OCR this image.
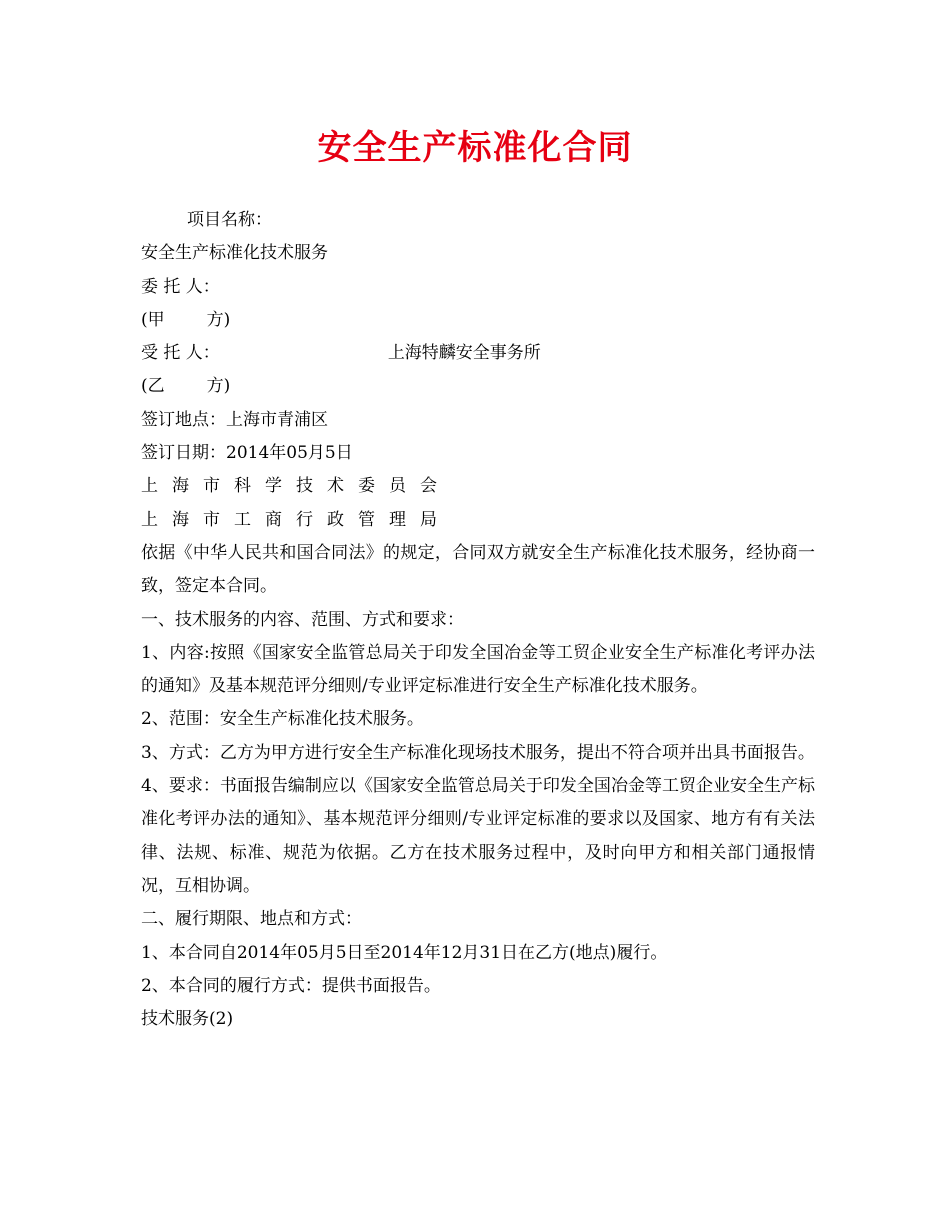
安全生产标准化合同
项目名称：
安全生产标准化技术服务
委 托 人：
(甲 方)
受 托 人：	上海特麟安全事务所
(乙 方)
签订地点：上海市青浦区
签订日期：2014年05月5日
上海市科学技术委员会
上海市工商行政管理局
依据《中华人民共和国合同法》的规定，合同双方就安全生产标准化技术服务，经协商一致，签定本合同。
一、技术服务的内容、范围、方式和要求：
1、内容:按照《国家安全监管总局关于印发全国冶金等工贸企业安全生产标准化考评办法的通知》及基本规范评分细则/专业评定标准进行安全生产标准化技术服务。
2、范围：安全生产标准化技术服务。
3、方式：乙方为甲方进行安全生产标准化现场技术服务，提出不符合项并出具书面报告。
4、要求：书面报告编制应以《国家安全监管总局关于印发全国冶金等工贸企业安全生产标准化考评办法的通知》、基本规范评分细则/专业评定标准的要求以及国家、地方有有关法律、法规、标准、规范为依据。乙方在技术服务过程中，及时向甲方和相关部门通报情况，互相协调。
二、履行期限、地点和方式：
1、本合同自2014年05月5日至2014年12月31日在乙方(地点)履行。
2、本合同的履行方式：提供书面报告。
技术服务(2)
